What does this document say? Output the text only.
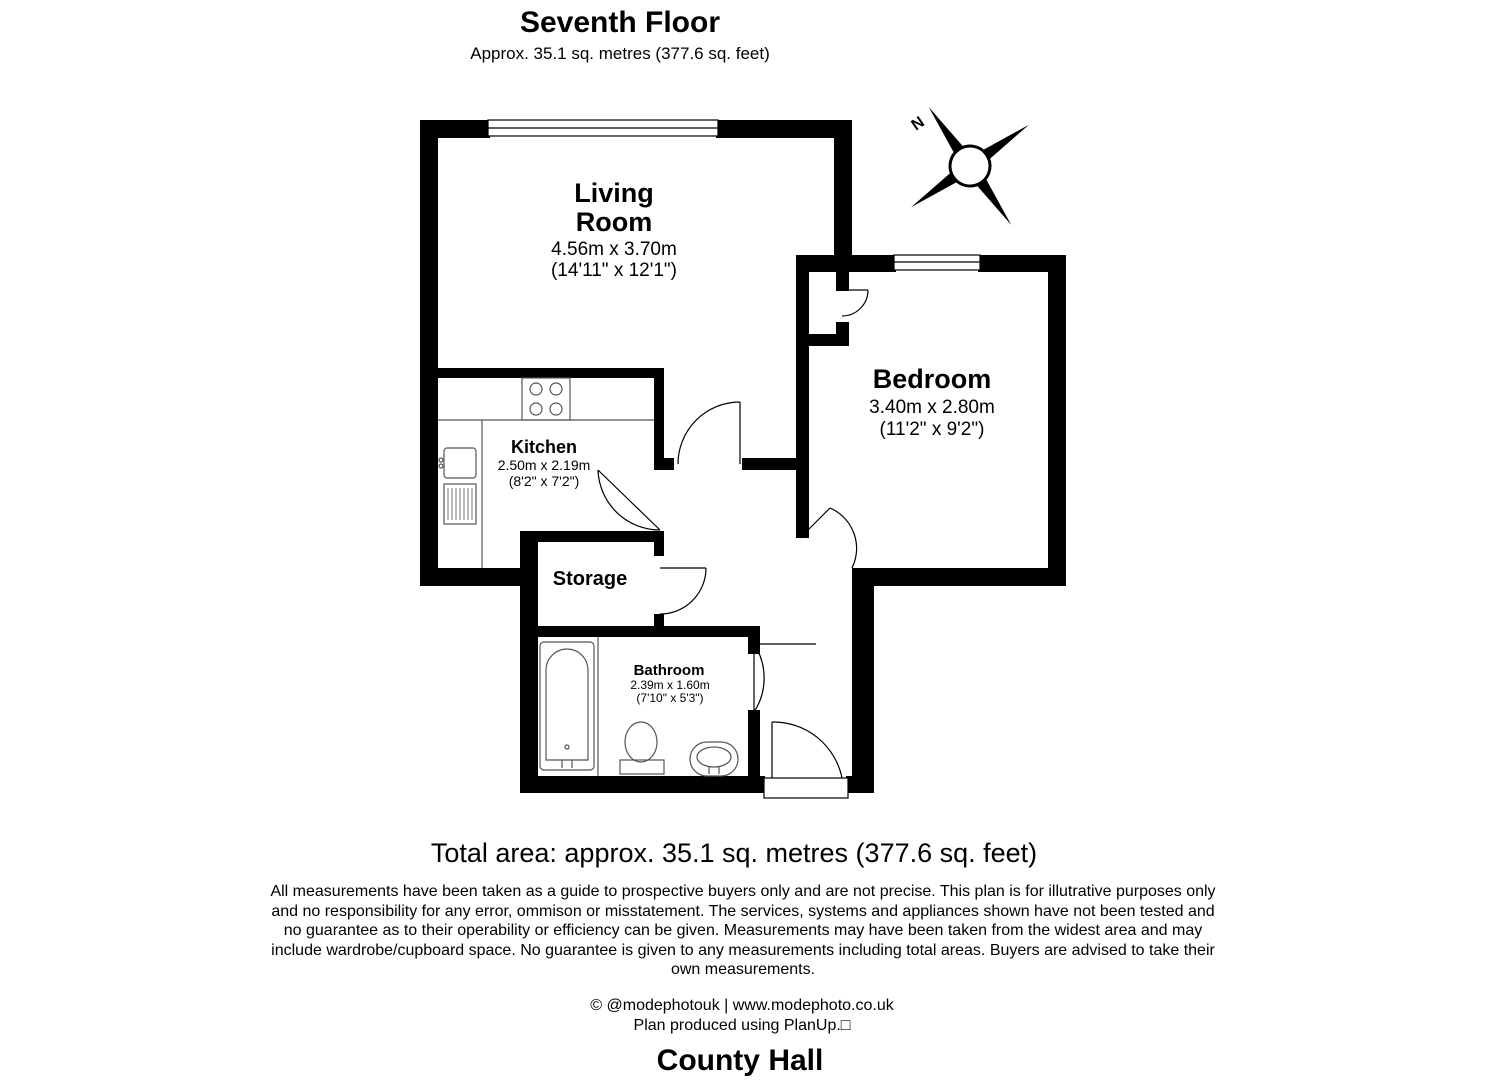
Seventh Floor
Approx. 35.1 sq. metres (377.6 sq. feet)
N
Living
Room
4.56m x 3.70m
(14'11" x 12'1")
Bedroom
3.40m x 2.80m
(11'2" x 9'2")
Kitchen
2.50m x 2.19m
(8'2" x 7'2")
Storage
Bathroom
2.39m x 1.60m
(7'10" x 5'3")
Total area: approx. 35.1 sq. metres (377.6 sq. feet)
All measurements have been taken as a guide to prospective buyers only and are not precise. This plan is for illutrative purposes only and no responsibility for any error, ommison or misstatement. The services, systems and appliances shown have not been tested and no guarantee as to their operability or efficiency can be given. Measurements may have been taken from the widest area and may include wardrobe/cupboard space. No guarantee is given to any measurements including total areas. Buyers are advised to take their own measurements.
© @modephotouk | www.modephoto.co.uk
Plan produced using PlanUp.□
County Hall
